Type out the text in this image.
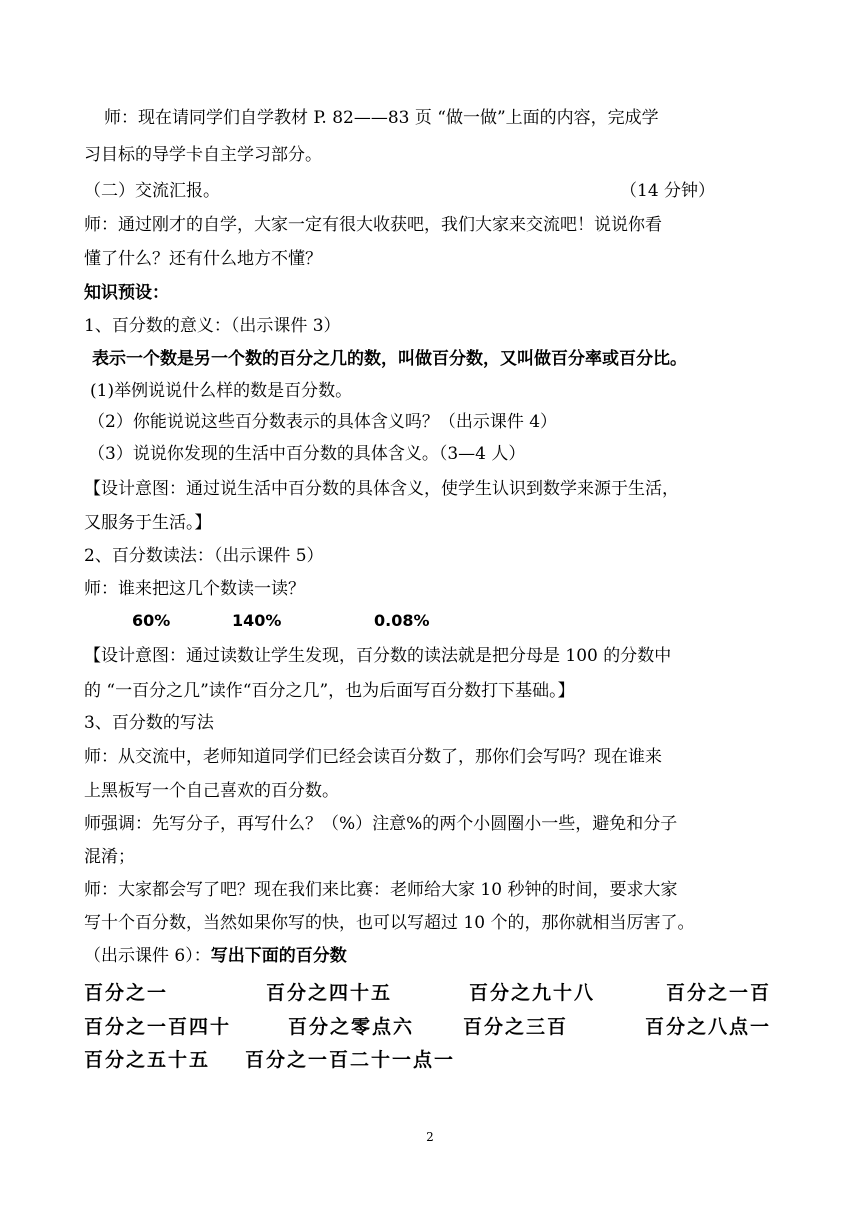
师：现在请同学们自学教材 P. 82——83 页 “做一做”上面的内容，完成学
习目标的导学卡自主学习部分。
（二）交流汇报。	（14 分钟）
师：通过刚才的自学，大家一定有很大收获吧，我们大家来交流吧！说说你看
懂了什么？还有什么地方不懂？
知识预设：
1、百分数的意义：（出示课件 3）
表示一个数是另一个数的百分之几的数，叫做百分数，又叫做百分率或百分比。
(1)举例说说什么样的数是百分数。
（2）你能说说这些百分数表示的具体含义吗？（出示课件 4）
（3）说说你发现的生活中百分数的具体含义。（3—4 人）
【设计意图：通过说生活中百分数的具体含义，使学生认识到数学来源于生活，
又服务于生活。】
2、百分数读法：（出示课件 5）
师：谁来把这几个数读一读？
60%	140%	0.08%
【设计意图：通过读数让学生发现，百分数的读法就是把分母是 100 的分数中
的 “一百分之几”读作“百分之几”，也为后面写百分数打下基础。】
3、百分数的写法
师：从交流中，老师知道同学们已经会读百分数了，那你们会写吗？现在谁来
上黑板写一个自己喜欢的百分数。
师强调：先写分子，再写什么？（%）注意%的两个小圆圈小一些，避免和分子
混淆；
师：大家都会写了吧？现在我们来比赛：老师给大家 10 秒钟的时间，要求大家
写十个百分数，当然如果你写的快，也可以写超过 10 个的，那你就相当厉害了。
（出示课件 6）：写出下面的百分数
百分之一	百分之四十五	百分之九十八	百分之一百
百分之一百四十	百分之零点六	百分之三百	百分之八点一
百分之五十五 百分之一百二十一点一
2
